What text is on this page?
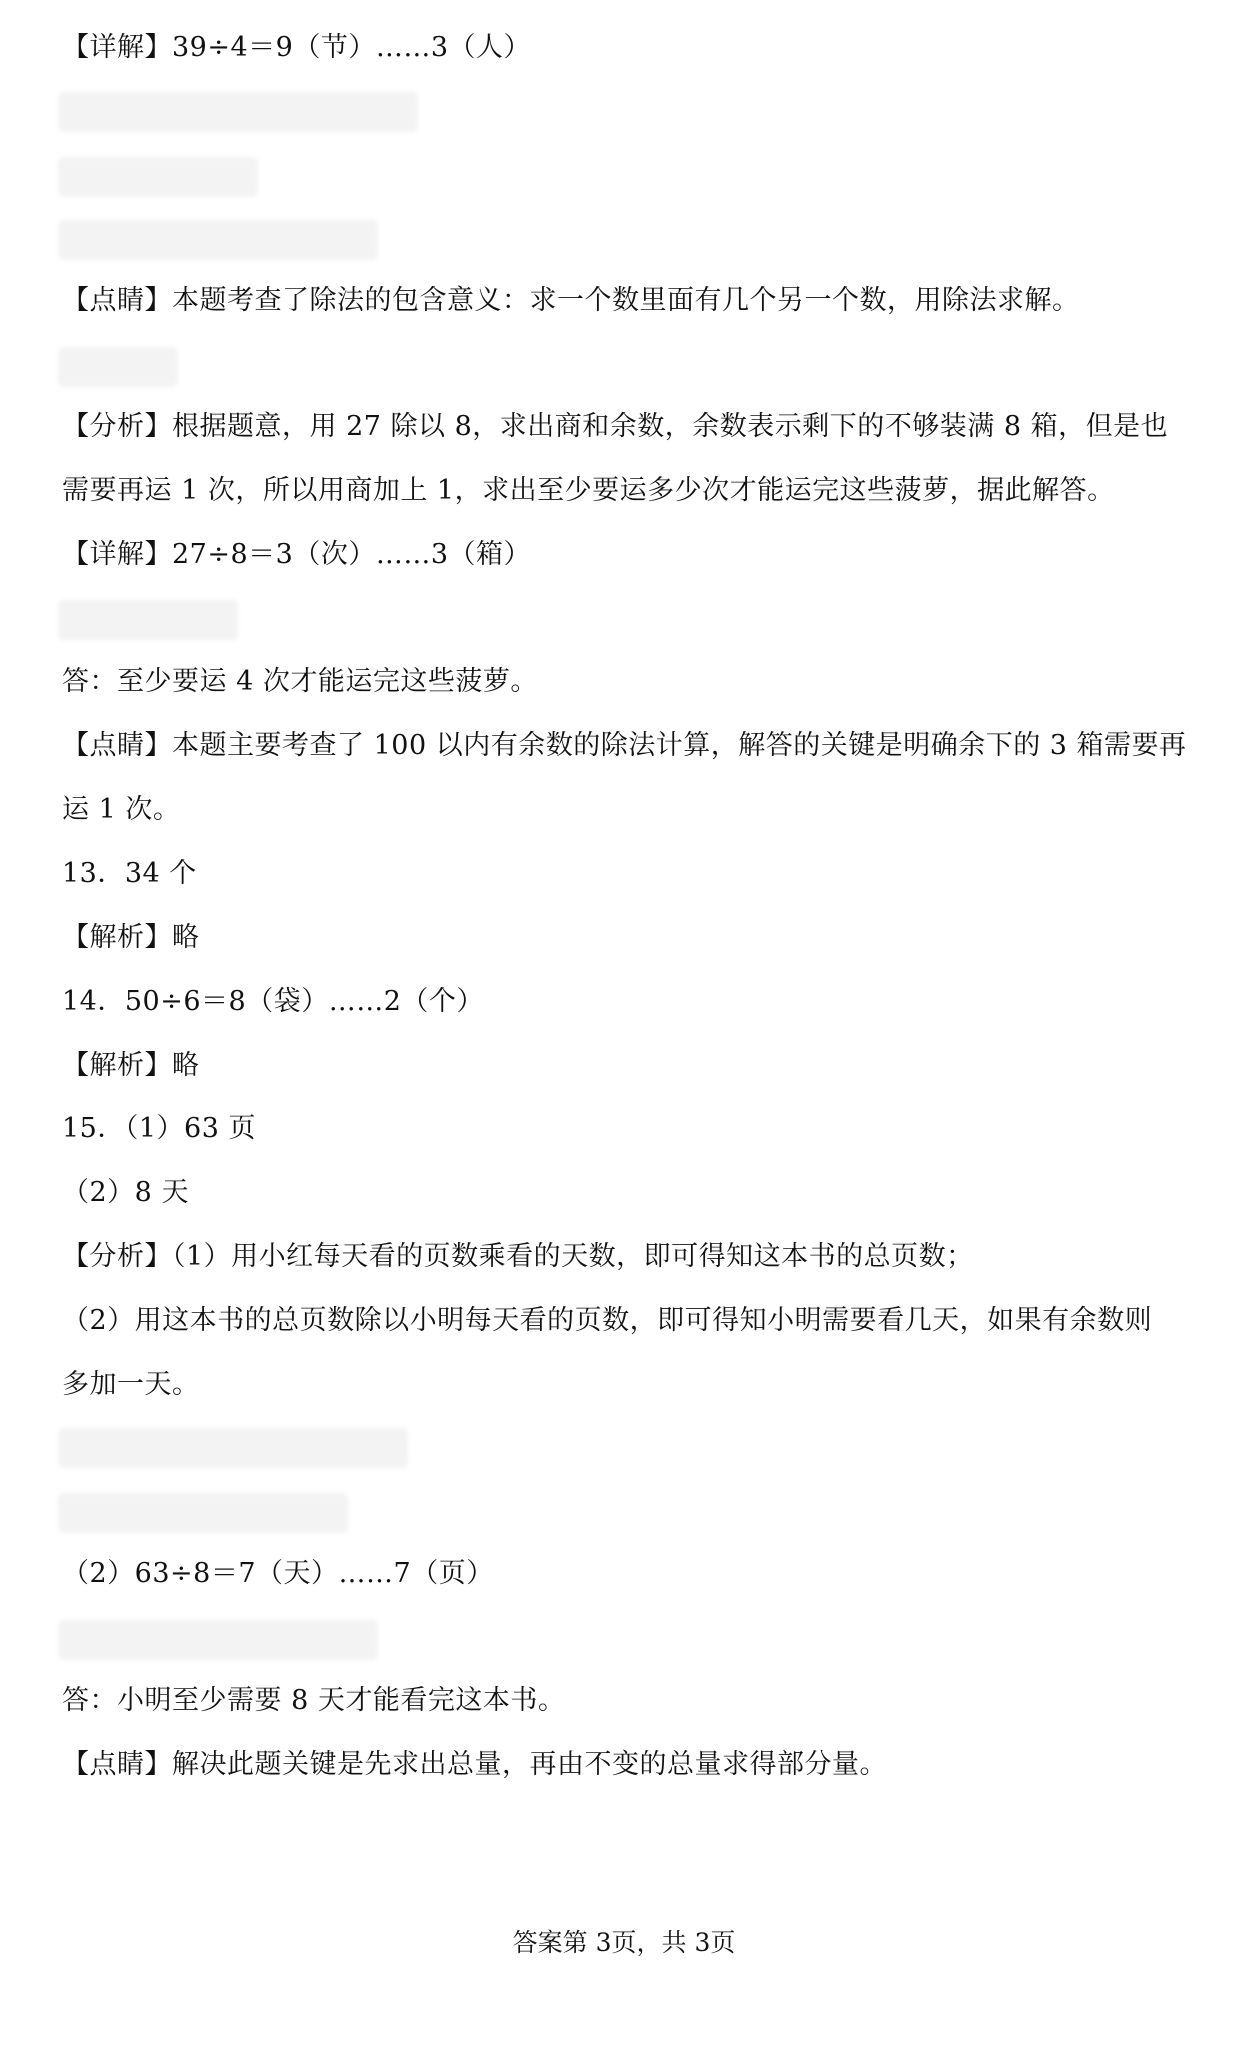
【详解】39÷4＝9（节）……3（人）
【点睛】本题考查了除法的包含意义：求一个数里面有几个另一个数，用除法求解。
【分析】根据题意，用 27 除以 8，求出商和余数，余数表示剩下的不够装满 8 箱，但是也
需要再运 1 次，所以用商加上 1，求出至少要运多少次才能运完这些菠萝，据此解答。
【详解】27÷8＝3（次）……3（箱）
答：至少要运 4 次才能运完这些菠萝。
【点睛】本题主要考查了 100 以内有余数的除法计算，解答的关键是明确余下的 3 箱需要再
运 1 次。
13．34 个
【解析】略
14．50÷6＝8（袋）……2（个）
【解析】略
15．（1）63 页
（2）8 天
【分析】（1）用小红每天看的页数乘看的天数，即可得知这本书的总页数；
（2）用这本书的总页数除以小明每天看的页数，即可得知小明需要看几天，如果有余数则
多加一天。
（2）63÷8＝7（天）……7（页）
答：小明至少需要 8 天才能看完这本书。
【点睛】解决此题关键是先求出总量，再由不变的总量求得部分量。
答案第 3页，共 3页
